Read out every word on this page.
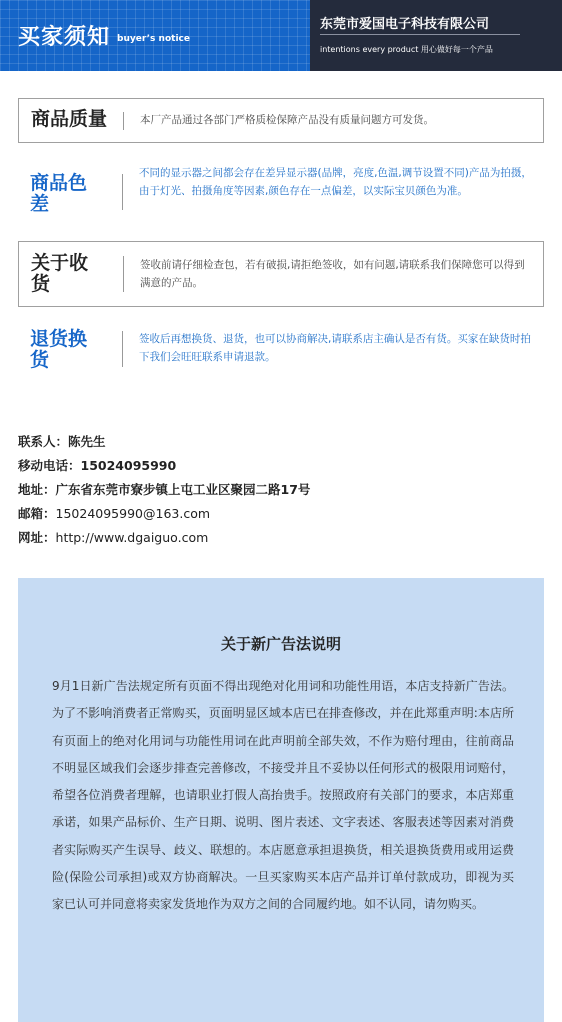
买家须知 buyer’s notice
东莞市爱国电子科技有限公司
intentions every product 用心做好每一个产品
商品质量	本厂产品通过各部门严格质检保障产品没有质量问题方可发货。
商品色
差
不同的显示器之间都会存在差异显示器(品牌，亮度,色温,调节设置不同)产品为拍摄，由于灯光、拍摄角度等因素,颜色存在一点偏差，以实际宝贝颜色为准。
关于收
货
签收前请仔细检查包，若有破损,请拒绝签收，如有问题,请联系我们保障您可以得到满意的产品。
退货换
货
签收后再想换货、退货，也可以协商解决,请联系店主确认是否有货。买家在缺货时拍下我们会旺旺联系申请退款。
联系人：陈先生
移动电话：15024095990
地址：广东省东莞市寮步镇上屯工业区聚园二路17号
邮箱：15024095990@163.com
网址：http://www.dgaiguo.com
关于新广告法说明
9月1日新广告法规定所有页面不得出现绝对化用词和功能性用语，本店支持新广告法。为了不影响消费者正常购买，页面明显区域本店已在排查修改，并在此郑重声明:本店所有页面上的绝对化用词与功能性用词在此声明前全部失效，不作为赔付理由，往前商品不明显区域我们会逐步排查完善修改，不接受并且不妥协以任何形式的极限用词赔付，希望各位消费者理解，也请职业打假人高抬贵手。按照政府有关部门的要求，本店郑重承诺，如果产品标价、生产日期、说明、图片表述、文字表述、客服表述等因素对消费者实际购买产生误导、歧义、联想的。本店愿意承担退换货，相关退换货费用或用运费险(保险公司承担)或双方协商解决。一旦买家购买本店产品并订单付款成功，即视为买家已认可并同意将卖家发货地作为双方之间的合同履约地。如不认同，请勿购买。
